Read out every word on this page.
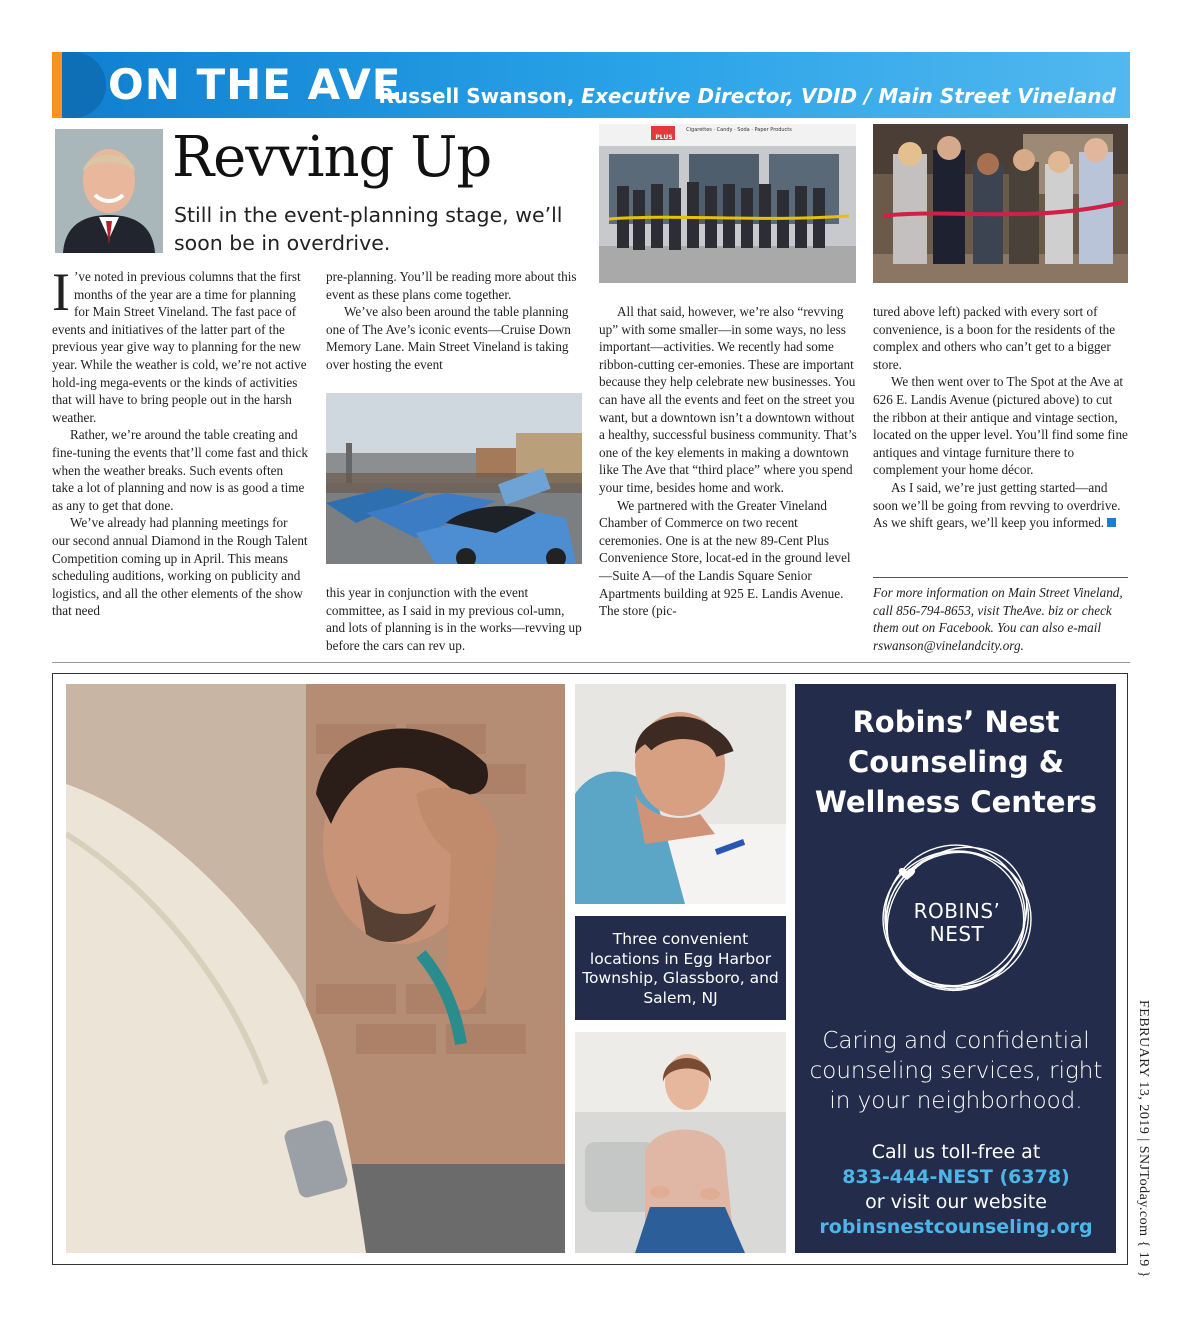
ON THE AVE
Russell Swanson, Executive Director, VDID / Main Street Vineland
Revving Up
Still in the event-planning stage, we’ll soon be in overdrive.

I ’ve noted in previous columns that the first months of the year are a time for planning for Main Street Vineland. The fast pace of events and initiatives of the latter part of the previous year give way to planning for the new year. While the weather is cold, we’re not active hold-ing mega-events or the kinds of activities that will have to bring people out in the harsh weather.

Rather, we’re around the table creating and fine-tuning the events that’ll come fast and thick when the weather breaks. Such events often take a lot of planning and now is as good a time as any to get that done.

We’ve already had planning meetings for our second annual Diamond in the Rough Talent Competition coming up in April. This means scheduling auditions, working on publicity and logistics, and all the other elements of the show that need

pre-planning. You’ll be reading more about this event as these plans come together.

We’ve also been around the table planning one of The Ave’s iconic events—Cruise Down Memory Lane. Main Street Vineland is taking over hosting the event

this year in conjunction with the event committee, as I said in my previous col-umn, and lots of planning is in the works—revving up before the cars can rev up.

Cigarettes · Candy · Soda · Paper Products
PLUS

All that said, however, we’re also “revving up” with some smaller—in some ways, no less important—activities. We recently had some ribbon-cutting cer-emonies. These are important because they help celebrate new businesses. You can have all the events and feet on the street you want, but a downtown isn’t a downtown without a healthy, successful business community. That’s one of the key elements in making a downtown like The Ave that “third place” where you spend your time, besides home and work.

We partnered with the Greater Vineland Chamber of Commerce on two recent ceremonies. One is at the new 89-Cent Plus Convenience Store, locat-ed in the ground level—Suite A—of the Landis Square Senior Apartments building at 925 E. Landis Avenue. The store (pic-

tured above left) packed with every sort of convenience, is a boon for the residents of the complex and others who can’t get to a bigger store.

We then went over to The Spot at the Ave at 626 E. Landis Avenue (pictured above) to cut the ribbon at their antique and vintage section, located on the upper level. You’ll find some fine antiques and vintage furniture there to complement your home décor.

As I said, we’re just getting started—and soon we’ll be going from revving to overdrive. As we shift gears, we’ll keep you informed.

For more information on Main Street Vineland, call 856-794-8653, visit TheAve. biz or check them out on Facebook. You can also e-mail rswanson@vinelandcity.org.
Three convenient locations in Egg Harbor Township, Glassboro, and Salem, NJ
Robins’ Nest
Counseling &
Wellness Centers
ROBINS’
NEST
Caring and confidential counseling services, right in your neighborhood.
Call us toll-free at
833-444-NEST (6378)
or visit our website
robinsnestcounseling.org	FEBRUARY 13, 2019 | SNJToday.com { 19 }
